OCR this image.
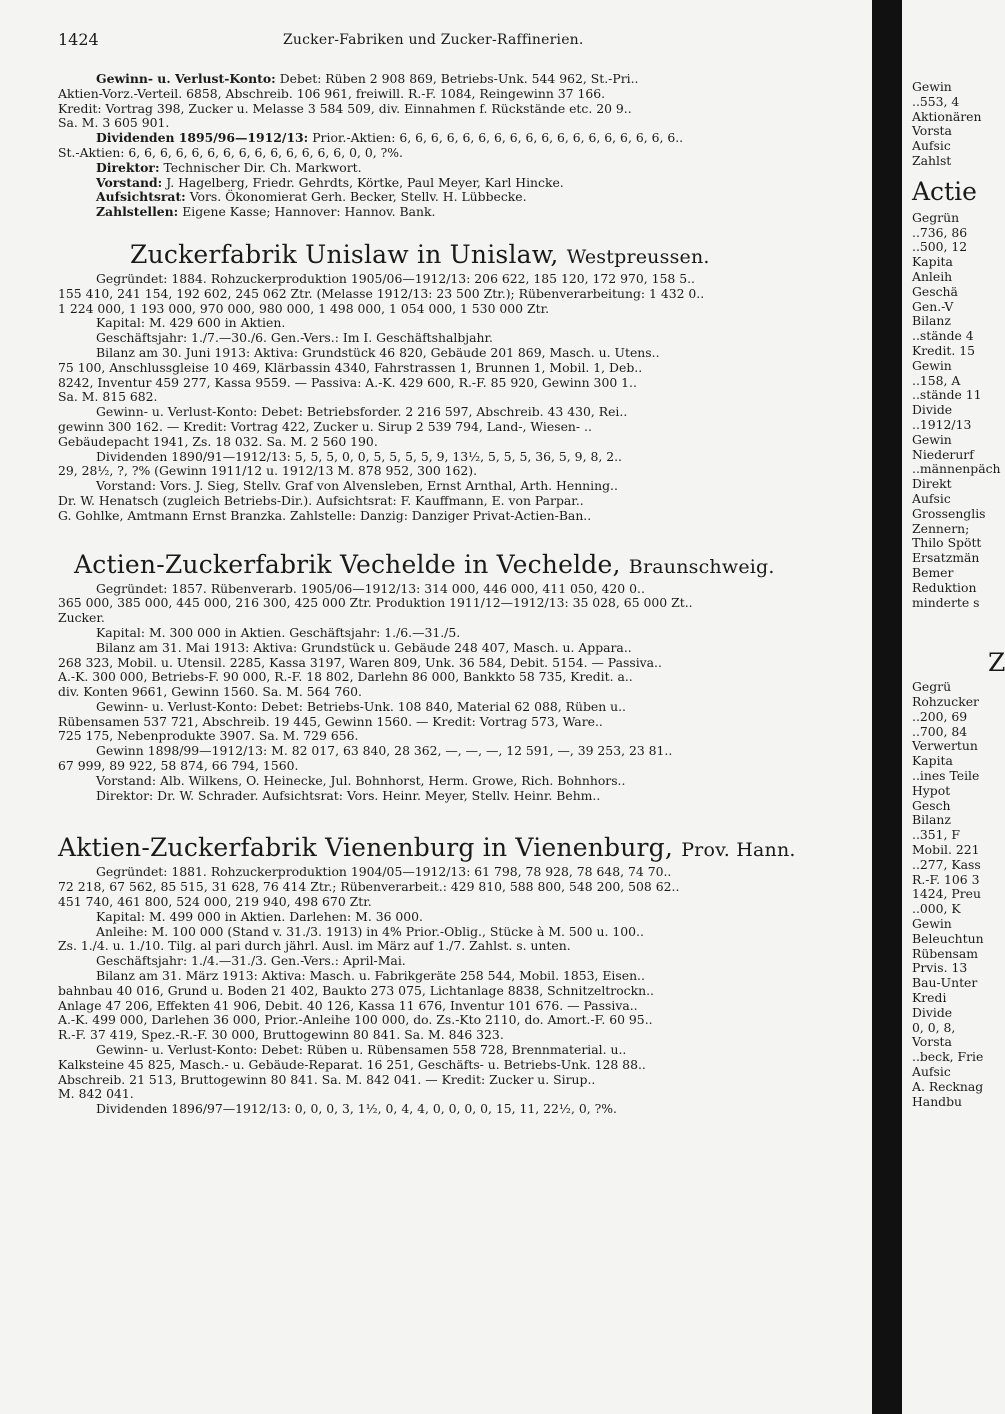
1424	Zucker-Fabriken und Zucker-Raffinerien.
Gewinn- u. Verlust-Konto: Debet: Rüben 2 908 869, Betriebs-Unk. 544 962, St.-Pri..
Aktien-Vorz.-Verteil. 6858, Abschreib. 106 961, freiwill. R.-F. 1084, Reingewinn 37 166.
Kredit: Vortrag 398, Zucker u. Melasse 3 584 509, div. Einnahmen f. Rückstände etc. 20 9..
Sa. M. 3 605 901.
Dividenden 1895/96—1912/13: Prior.-Aktien: 6, 6, 6, 6, 6, 6, 6, 6, 6, 6, 6, 6, 6, 6, 6, 6, 6, 6..
St.-Aktien: 6, 6, 6, 6, 6, 6, 6, 6, 6, 6, 6, 6, 6, 6, 0, 0, ?%.
Direktor: Technischer Dir. Ch. Markwort.
Vorstand: J. Hagelberg, Friedr. Gehrdts, Körtke, Paul Meyer, Karl Hincke.
Aufsichtsrat: Vors. Ökonomierat Gerh. Becker, Stellv. H. Lübbecke.
Zahlstellen: Eigene Kasse; Hannover: Hannov. Bank.
Zuckerfabrik Unislaw in Unislaw, Westpreussen.
Gegründet: 1884. Rohzuckerproduktion 1905/06—1912/13: 206 622, 185 120, 172 970, 158 5..
155 410, 241 154, 192 602, 245 062 Ztr. (Melasse 1912/13: 23 500 Ztr.); Rübenverarbeitung: 1 432 0..
1 224 000, 1 193 000, 970 000, 980 000, 1 498 000, 1 054 000, 1 530 000 Ztr.
Kapital: M. 429 600 in Aktien.
Geschäftsjahr: 1./7.—30./6. Gen.-Vers.: Im I. Geschäftshalbjahr.
Bilanz am 30. Juni 1913: Aktiva: Grundstück 46 820, Gebäude 201 869, Masch. u. Utens..
75 100, Anschlussgleise 10 469, Klärbassin 4340, Fahrstrassen 1, Brunnen 1, Mobil. 1, Deb..
8242, Inventur 459 277, Kassa 9559. — Passiva: A.-K. 429 600, R.-F. 85 920, Gewinn 300 1..
Sa. M. 815 682.
Gewinn- u. Verlust-Konto: Debet: Betriebsforder. 2 216 597, Abschreib. 43 430, Rei..
gewinn 300 162. — Kredit: Vortrag 422, Zucker u. Sirup 2 539 794, Land-, Wiesen- ..
Gebäudepacht 1941, Zs. 18 032. Sa. M. 2 560 190.
Dividenden 1890/91—1912/13: 5, 5, 5, 0, 0, 5, 5, 5, 5, 9, 13½, 5, 5, 5, 36, 5, 9, 8, 2..
29, 28½, ?, ?% (Gewinn 1911/12 u. 1912/13 M. 878 952, 300 162).
Vorstand: Vors. J. Sieg, Stellv. Graf von Alvensleben, Ernst Arnthal, Arth. Henning..
Dr. W. Henatsch (zugleich Betriebs-Dir.). Aufsichtsrat: F. Kauffmann, E. von Parpar..
G. Gohlke, Amtmann Ernst Branzka. Zahlstelle: Danzig: Danziger Privat-Actien-Ban..
Actien-Zuckerfabrik Vechelde in Vechelde, Braunschweig.
Gegründet: 1857. Rübenverarb. 1905/06—1912/13: 314 000, 446 000, 411 050, 420 0..
365 000, 385 000, 445 000, 216 300, 425 000 Ztr. Produktion 1911/12—1912/13: 35 028, 65 000 Zt..
Zucker.
Kapital: M. 300 000 in Aktien. Geschäftsjahr: 1./6.—31./5.
Bilanz am 31. Mai 1913: Aktiva: Grundstück u. Gebäude 248 407, Masch. u. Appara..
268 323, Mobil. u. Utensil. 2285, Kassa 3197, Waren 809, Unk. 36 584, Debit. 5154. — Passiva..
A.-K. 300 000, Betriebs-F. 90 000, R.-F. 18 802, Darlehn 86 000, Bankkto 58 735, Kredit. a..
div. Konten 9661, Gewinn 1560. Sa. M. 564 760.
Gewinn- u. Verlust-Konto: Debet: Betriebs-Unk. 108 840, Material 62 088, Rüben u..
Rübensamen 537 721, Abschreib. 19 445, Gewinn 1560. — Kredit: Vortrag 573, Ware..
725 175, Nebenprodukte 3907. Sa. M. 729 656.
Gewinn 1898/99—1912/13: M. 82 017, 63 840, 28 362, —, —, —, 12 591, —, 39 253, 23 81..
67 999, 89 922, 58 874, 66 794, 1560.
Vorstand: Alb. Wilkens, O. Heinecke, Jul. Bohnhorst, Herm. Growe, Rich. Bohnhors..
Direktor: Dr. W. Schrader. Aufsichtsrat: Vors. Heinr. Meyer, Stellv. Heinr. Behm..
Aktien-Zuckerfabrik Vienenburg in Vienenburg, Prov. Hann.
Gegründet: 1881. Rohzuckerproduktion 1904/05—1912/13: 61 798, 78 928, 78 648, 74 70..
72 218, 67 562, 85 515, 31 628, 76 414 Ztr.; Rübenverarbeit.: 429 810, 588 800, 548 200, 508 62..
451 740, 461 800, 524 000, 219 940, 498 670 Ztr.
Kapital: M. 499 000 in Aktien. Darlehen: M. 36 000.
Anleihe: M. 100 000 (Stand v. 31./3. 1913) in 4% Prior.-Oblig., Stücke à M. 500 u. 100..
Zs. 1./4. u. 1./10. Tilg. al pari durch jährl. Ausl. im März auf 1./7. Zahlst. s. unten.
Geschäftsjahr: 1./4.—31./3. Gen.-Vers.: April-Mai.
Bilanz am 31. März 1913: Aktiva: Masch. u. Fabrikgeräte 258 544, Mobil. 1853, Eisen..
bahnbau 40 016, Grund u. Boden 21 402, Baukto 273 075, Lichtanlage 8838, Schnitzeltrockn..
Anlage 47 206, Effekten 41 906, Debit. 40 126, Kassa 11 676, Inventur 101 676. — Passiva..
A.-K. 499 000, Darlehen 36 000, Prior.-Anleihe 100 000, do. Zs.-Kto 2110, do. Amort.-F. 60 95..
R.-F. 37 419, Spez.-R.-F. 30 000, Bruttogewinn 80 841. Sa. M. 846 323.
Gewinn- u. Verlust-Konto: Debet: Rüben u. Rübensamen 558 728, Brennmaterial. u..
Kalksteine 45 825, Masch.- u. Gebäude-Reparat. 16 251, Geschäfts- u. Betriebs-Unk. 128 88..
Abschreib. 21 513, Bruttogewinn 80 841. Sa. M. 842 041. — Kredit: Zucker u. Sirup..
M. 842 041.
Dividenden 1896/97—1912/13: 0, 0, 0, 3, 1½, 0, 4, 4, 0, 0, 0, 0, 15, 11, 22½, 0, ?%.
Gewin
..553, 4
Aktionären
Vorsta
Aufsic
Zahlst
Actie
Gegrün
..736, 86
..500, 12
Kapita
Anleih
Geschä
Gen.-V
Bilanz
..stände 4
Kredit. 15
Gewin
..158, A
..stände 11
Divide
..1912/13
Gewin
Niederurf
..männenpäch
Direkt
Aufsic
Grossenglis
Zennern;
Thilo Spött
Ersatzmän
Bemer
Reduktion
minderte s
Z
Gegrü
Rohzucker
..200, 69
..700, 84
Verwertun
Kapita
..ines Teile
Hypot
Gesch
Bilanz
..351, F
Mobil. 221
..277, Kass
R.-F. 106 3
1424, Preu
..000, K
Gewin
Beleuchtun
Rübensam
Prvis. 13
Bau-Unter
Kredi
Divide
0, 0, 8,
Vorsta
..beck, Frie
Aufsic
A. Recknag
Handbu
